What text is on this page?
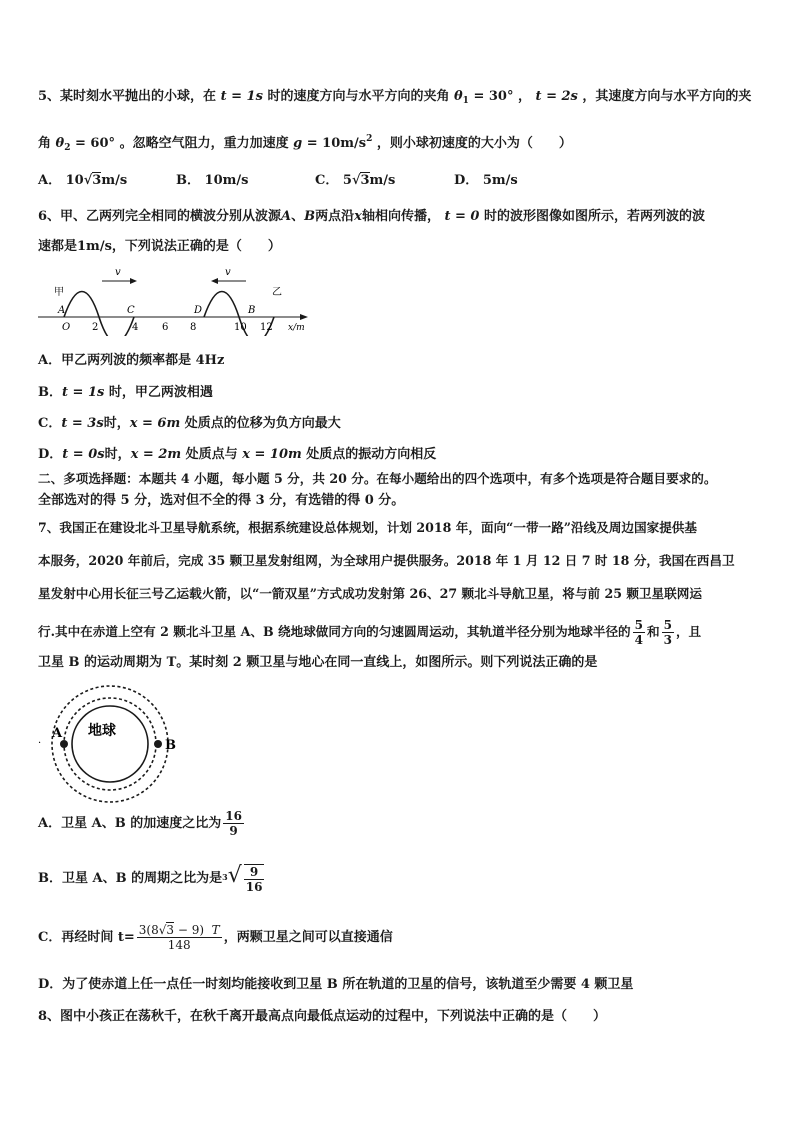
5、某时刻水平抛出的小球，在 t = 1s 时的速度方向与水平方向的夹角 $\theta_1 = 30^\circ$ ， t = 2s ，其速度方向与水平方向的夹
角 $\theta_2 = 60^\circ$ 。忽略空气阻力，重力加速度 $g = 10m/s^2$ ，则小球初速度的大小为（　　）
A． 10√3m/s	B． 10m/s	C． 5√3m/s	D． 5m/s
6、甲、乙两列完全相同的横波分别从波源A、B两点沿x轴相向传播， t = 0 时的波形图像如图所示，若两列波的波
速都是1m/s，下列说法正确的是（　　）
v	v
甲	乙
A	C	D	B
O 2	4 6 8	10 12 x/m
A．甲乙两列波的频率都是 4Hz
B．t = 1s 时，甲乙两波相遇
C．t = 3s时，x = 6m 处质点的位移为负方向最大
D．t = 0s时，x = 2m 处质点与 x = 10m 处质点的振动方向相反
二、多项选择题：本题共 4 小题，每小题 5 分，共 20 分。在每小题给出的四个选项中，有多个选项是符合题目要求的。
全部选对的得 5 分，选对但不全的得 3 分，有选错的得 0 分。
7、我国正在建设北斗卫星导航系统，根据系统建设总体规划，计划 2018 年，面向“一带一路”沿线及周边国家提供基
本服务，2020 年前后，完成 35 颗卫星发射组网，为全球用户提供服务。2018 年 1 月 12 日 7 时 18 分，我国在西昌卫
星发射中心用长征三号乙运载火箭，以“一箭双星”方式成功发射第 26、27 颗北斗导航卫星，将与前 25 颗卫星联网运
行.其中在赤道上空有 2 颗北斗卫星 A、B 绕地球做同方向的匀速圆周运动，其轨道半径分别为地球半径的 $\frac{5}{4}$ 和 $\frac{5}{3}$ ，且
卫星 B 的运动周期为 T。某时刻 2 颗卫星与地心在同一直线上，如图所示。则下列说法正确的是
地球
A
B
·
A．卫星 A、B 的加速度之比为 $\frac{16}{9}$
B．卫星 A、B 的周期之比为是$3√ \frac{9}{16}$
C．再经时间 $t= \frac{3(8√3 - 9) T}{148}$ ，两颗卫星之间可以直接通信
D．为了使赤道上任一点任一时刻均能接收到卫星 B 所在轨道的卫星的信号，该轨道至少需要 4 颗卫星
8、图中小孩正在荡秋千，在秋千离开最高点向最低点运动的过程中，下列说法中正确的是（　　）
